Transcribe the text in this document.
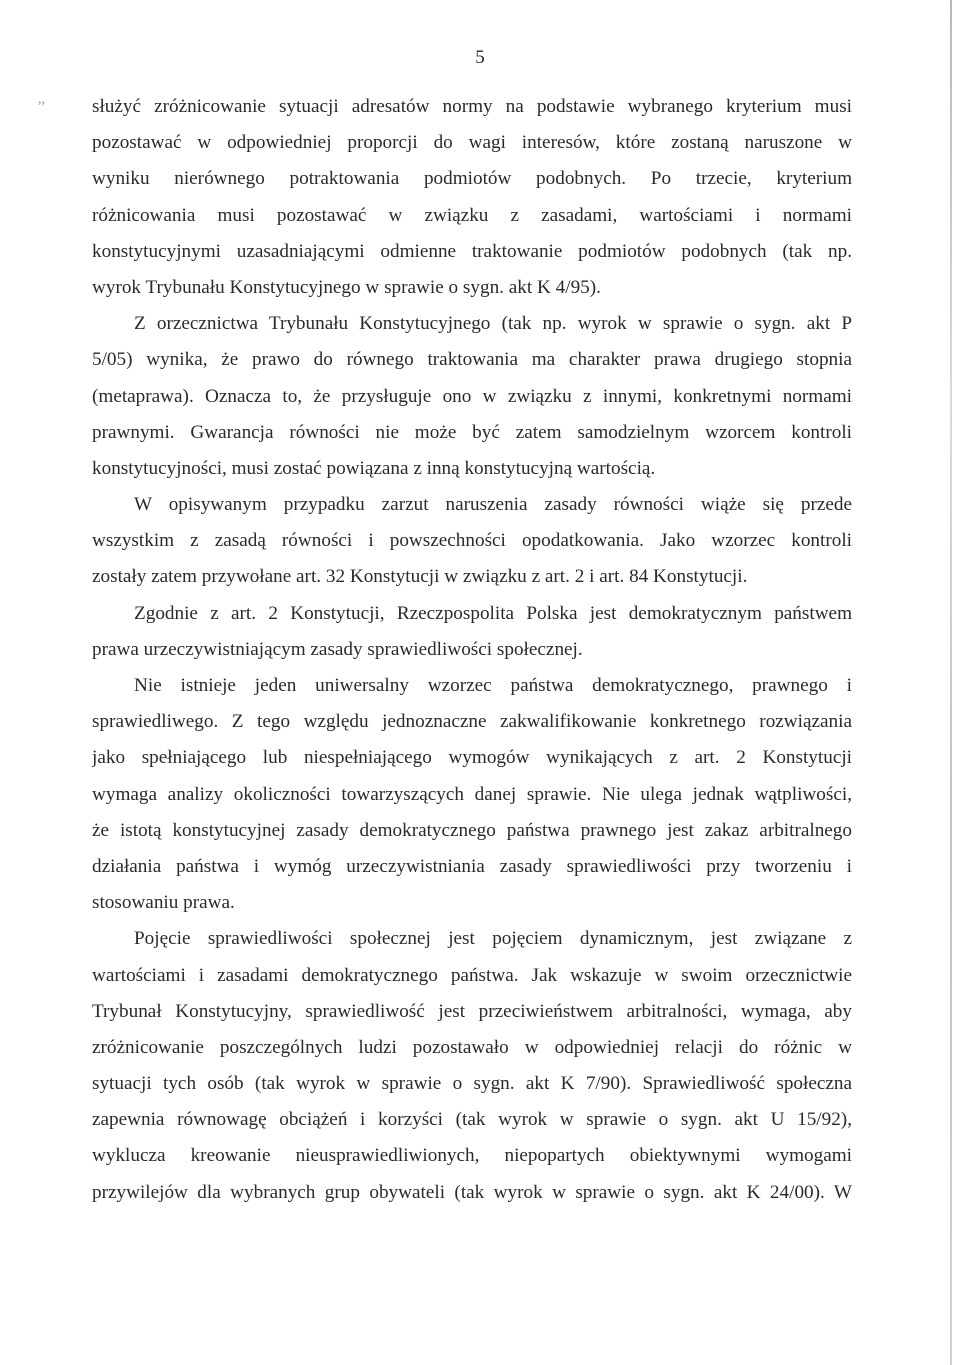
,,
5
służyć zróżnicowanie sytuacji adresatów normy na podstawie wybranego kryterium musi
pozostawać w odpowiedniej proporcji do wagi interesów, które zostaną naruszone w
wyniku nierównego potraktowania podmiotów podobnych. Po trzecie, kryterium
różnicowania musi pozostawać w związku z zasadami, wartościami i normami
konstytucyjnymi uzasadniającymi odmienne traktowanie podmiotów podobnych (tak np.
wyrok Trybunału Konstytucyjnego w sprawie o sygn. akt K 4/95).
Z orzecznictwa Trybunału Konstytucyjnego (tak np. wyrok w sprawie o sygn. akt P
5/05) wynika, że prawo do równego traktowania ma charakter prawa drugiego stopnia
(metaprawa). Oznacza to, że przysługuje ono w związku z innymi, konkretnymi normami
prawnymi. Gwarancja równości nie może być zatem samodzielnym wzorcem kontroli
konstytucyjności, musi zostać powiązana z inną konstytucyjną wartością.
W opisywanym przypadku zarzut naruszenia zasady równości wiąże się przede
wszystkim z zasadą równości i powszechności opodatkowania. Jako wzorzec kontroli
zostały zatem przywołane art. 32 Konstytucji w związku z art. 2 i art. 84 Konstytucji.
Zgodnie z art. 2 Konstytucji, Rzeczpospolita Polska jest demokratycznym państwem
prawa urzeczywistniającym zasady sprawiedliwości społecznej.
Nie istnieje jeden uniwersalny wzorzec państwa demokratycznego, prawnego i
sprawiedliwego. Z tego względu jednoznaczne zakwalifikowanie konkretnego rozwiązania
jako spełniającego lub niespełniającego wymogów wynikających z art. 2 Konstytucji
wymaga analizy okoliczności towarzyszących danej sprawie. Nie ulega jednak wątpliwości,
że istotą konstytucyjnej zasady demokratycznego państwa prawnego jest zakaz arbitralnego
działania państwa i wymóg urzeczywistniania zasady sprawiedliwości przy tworzeniu i
stosowaniu prawa.
Pojęcie sprawiedliwości społecznej jest pojęciem dynamicznym, jest związane z
wartościami i zasadami demokratycznego państwa. Jak wskazuje w swoim orzecznictwie
Trybunał Konstytucyjny, sprawiedliwość jest przeciwieństwem arbitralności, wymaga, aby
zróżnicowanie poszczególnych ludzi pozostawało w odpowiedniej relacji do różnic w
sytuacji tych osób (tak wyrok w sprawie o sygn. akt K 7/90). Sprawiedliwość społeczna
zapewnia równowagę obciążeń i korzyści (tak wyrok w sprawie o sygn. akt U 15/92),
wyklucza kreowanie nieusprawiedliwionych, niepopartych obiektywnymi wymogami
przywilejów dla wybranych grup obywateli (tak wyrok w sprawie o sygn. akt K 24/00). W
